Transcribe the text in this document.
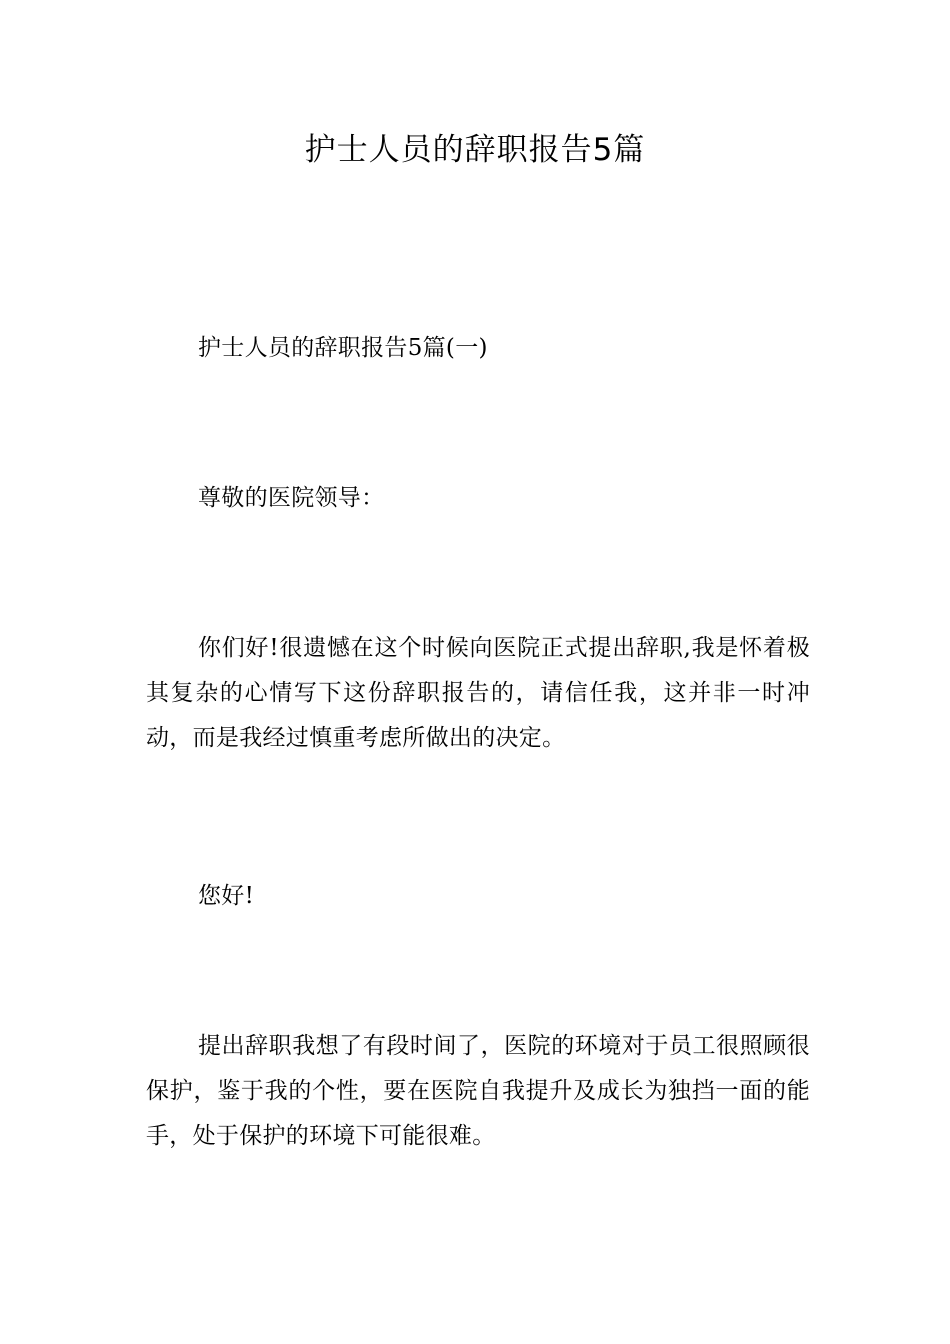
护士人员的辞职报告5篇

护士人员的辞职报告5篇(一)

尊敬的医院领导：

你们好!很遗憾在这个时候向医院正式提出辞职,我是怀着极其复杂的心情写下这份辞职报告的，请信任我，这并非一时冲动，而是我经过慎重考虑所做出的决定。

您好!

提出辞职我想了有段时间了，医院的环境对于员工很照顾很保护，鉴于我的个性，要在医院自我提升及成长为独挡一面的能手，处于保护的环境下可能很难。
